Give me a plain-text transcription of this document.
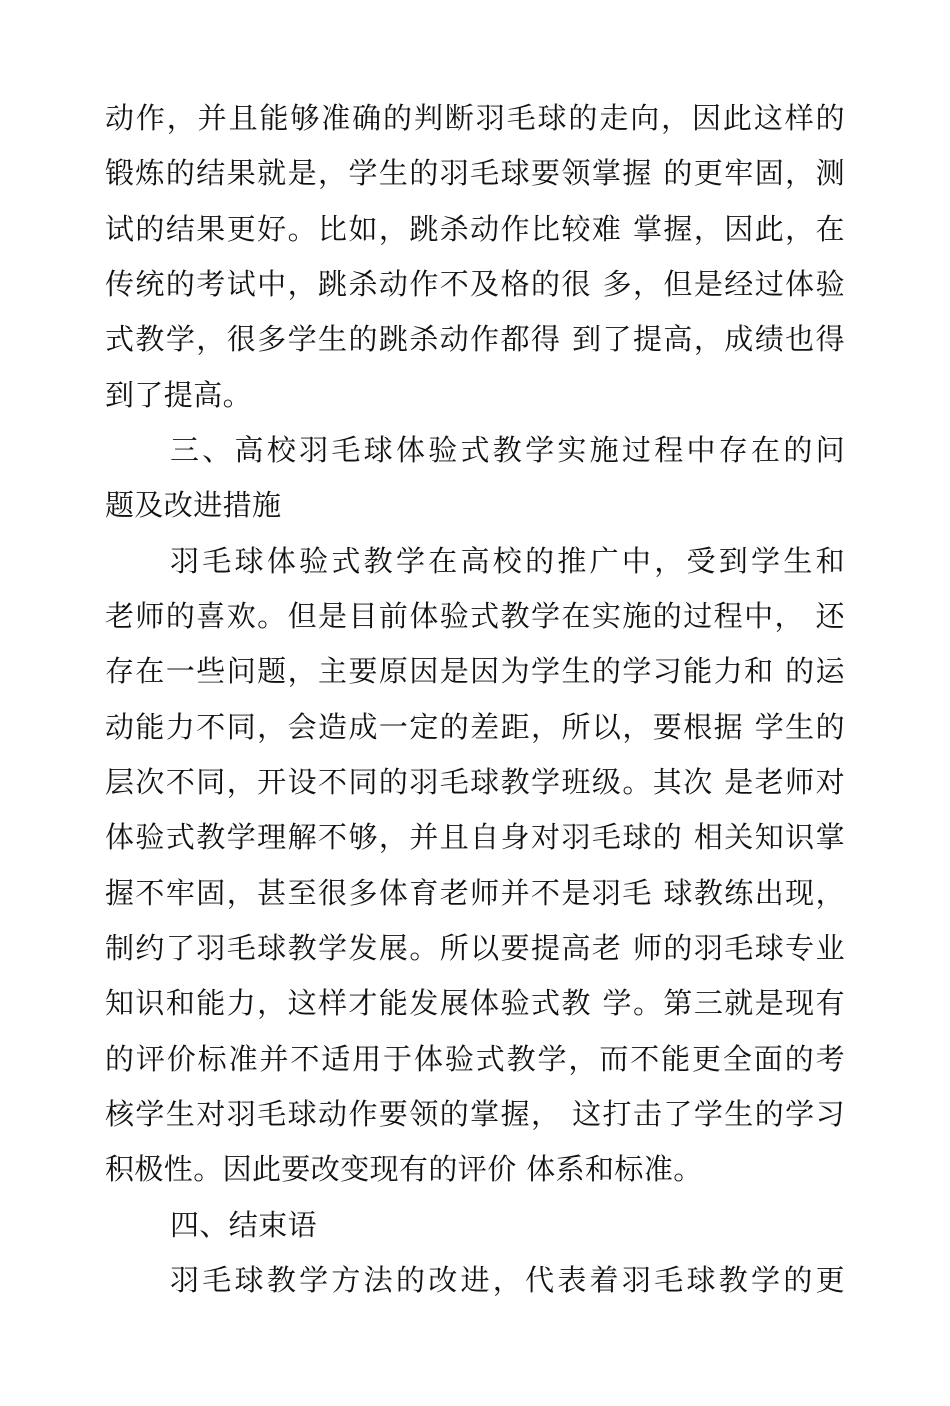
动作，并且能够准确的判断羽毛球的走向，因此这样的
锻炼的结果就是，学生的羽毛球要领掌握 的更牢固，测
试的结果更好。比如，跳杀动作比较难 掌握，因此，在
传统的考试中，跳杀动作不及格的很 多，但是经过体验
式教学，很多学生的跳杀动作都得 到了提高，成绩也得
到了提高。
三、高校羽毛球体验式教学实施过程中存在的问
题及改进措施
羽毛球体验式教学在高校的推广中，受到学生和
老师的喜欢。但是目前体验式教学在实施的过程中， 还
存在一些问题，主要原因是因为学生的学习能力和 的运
动能力不同，会造成一定的差距，所以，要根据 学生的
层次不同，开设不同的羽毛球教学班级。其次 是老师对
体验式教学理解不够，并且自身对羽毛球的 相关知识掌
握不牢固，甚至很多体育老师并不是羽毛 球教练出现，
制约了羽毛球教学发展。所以要提高老 师的羽毛球专业
知识和能力，这样才能发展体验式教 学。第三就是现有
的评价标准并不适用于体验式教学，而不能更全面的考
核学生对羽毛球动作要领的掌握， 这打击了学生的学习
积极性。因此要改变现有的评价 体系和标准。
四、结束语
羽毛球教学方法的改进，代表着羽毛球教学的更
